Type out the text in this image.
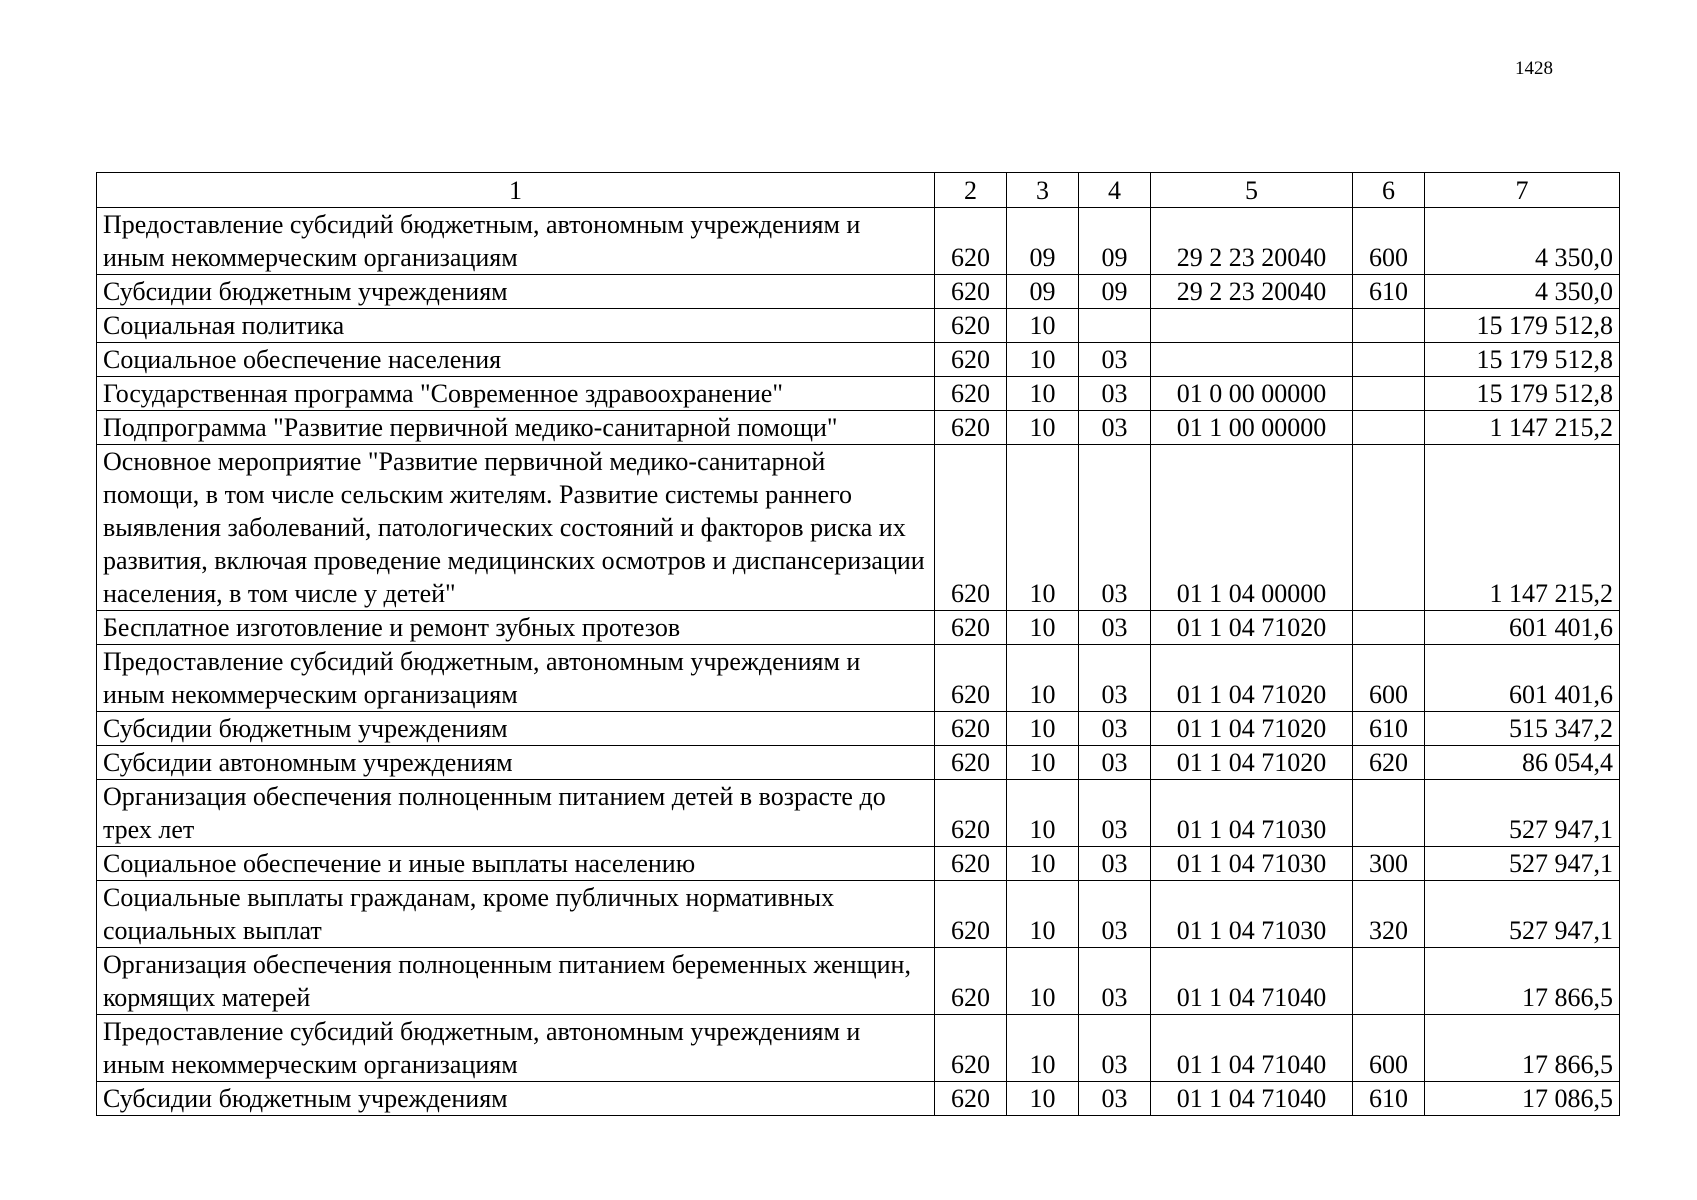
1428
1	2	3	4	5	6	7
Предоставление субсидий бюджетным, автономным учреждениям и иным некоммерческим организациям	620	09	09	29 2 23 20040	600	4 350,0
Субсидии бюджетным учреждениям	620	09	09	29 2 23 20040	610	4 350,0
Социальная политика	620	10				15 179 512,8
Социальное обеспечение населения	620	10	03			15 179 512,8
Государственная программа "Современное здравоохранение"	620	10	03	01 0 00 00000		15 179 512,8
Подпрограмма "Развитие первичной медико-санитарной помощи"	620	10	03	01 1 00 00000		1 147 215,2
Основное мероприятие "Развитие первичной медико-санитарной помощи, в том числе сельским жителям. Развитие системы раннего выявления заболеваний, патологических состояний и факторов риска их развития, включая проведение медицинских осмотров и диспансеризации населения, в том числе у детей"	620	10	03	01 1 04 00000		1 147 215,2
Бесплатное изготовление и ремонт зубных протезов	620	10	03	01 1 04 71020		601 401,6
Предоставление субсидий бюджетным, автономным учреждениям и иным некоммерческим организациям	620	10	03	01 1 04 71020	600	601 401,6
Субсидии бюджетным учреждениям	620	10	03	01 1 04 71020	610	515 347,2
Субсидии автономным учреждениям	620	10	03	01 1 04 71020	620	86 054,4
Организация обеспечения полноценным питанием детей в возрасте до трех лет	620	10	03	01 1 04 71030		527 947,1
Социальное обеспечение и иные выплаты населению	620	10	03	01 1 04 71030	300	527 947,1
Социальные выплаты гражданам, кроме публичных нормативных социальных выплат	620	10	03	01 1 04 71030	320	527 947,1
Организация обеспечения полноценным питанием беременных женщин, кормящих матерей	620	10	03	01 1 04 71040		17 866,5
Предоставление субсидий бюджетным, автономным учреждениям и иным некоммерческим организациям	620	10	03	01 1 04 71040	600	17 866,5
Субсидии бюджетным учреждениям	620	10	03	01 1 04 71040	610	17 086,5
